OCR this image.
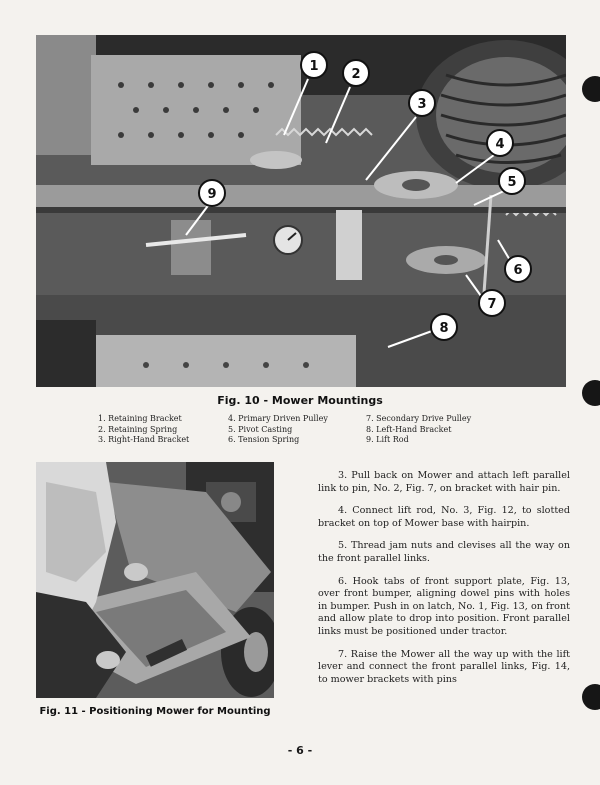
1
2
3
4
5
6
7
8
9
Fig. 10 - Mower Mountings
1. Retaining Bracket
2. Retaining Spring
3. Right-Hand Bracket
4. Primary Driven Pulley
5. Pivot Casting
6. Tension Spring
7. Secondary Drive Pulley
8. Left-Hand Bracket
9. Lift Rod
Fig. 11 - Positioning Mower for Mounting

3. Pull back on Mower and attach left parallel link to pin, No. 2, Fig. 7, on bracket with hair pin.

4. Connect lift rod, No. 3, Fig. 12, to slotted bracket on top of Mower base with hairpin.

5. Thread jam nuts and clevises all the way on the front parallel links.

6. Hook tabs of front support plate, Fig. 13, over front bumper, aligning dowel pins with holes in bumper. Push in on latch, No. 1, Fig. 13, on front and allow plate to drop into position. Front parallel links must be positioned under tractor.

7. Raise the Mower all the way up with the lift lever and connect the front parallel links, Fig. 14, to mower brackets with pins

- 6 -
